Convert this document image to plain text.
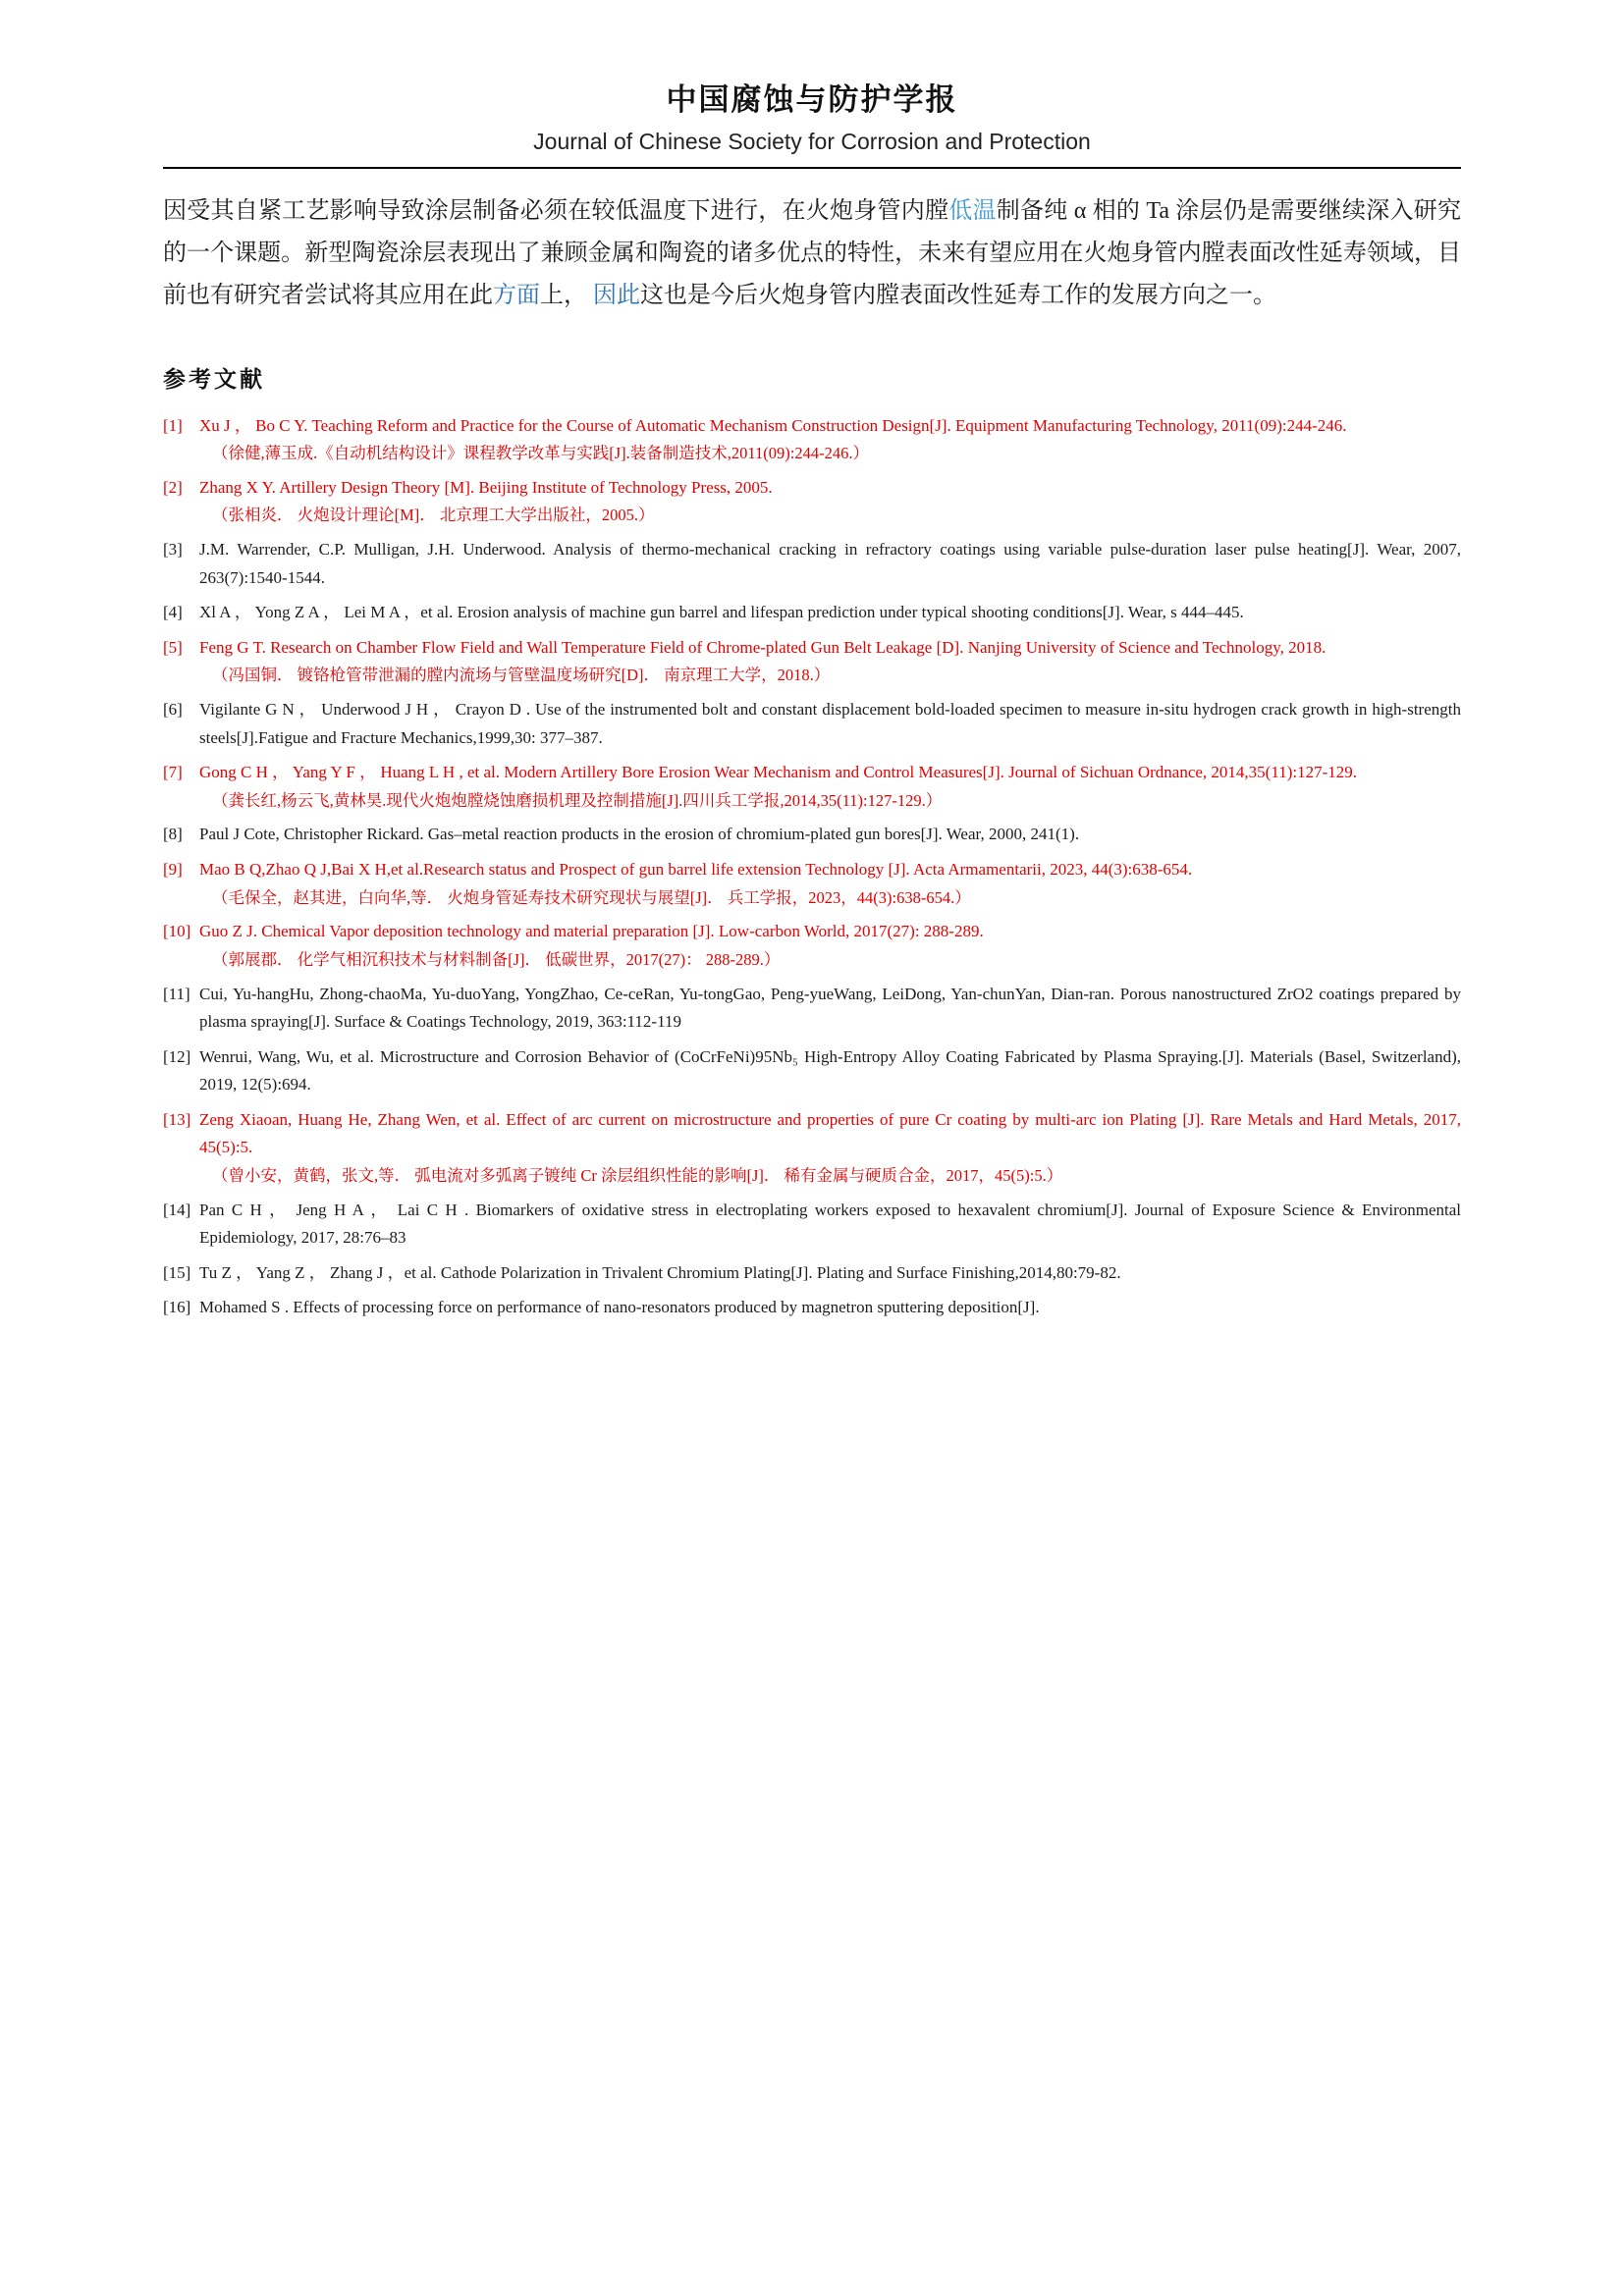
中国腐蚀与防护学报
Journal of Chinese Society for Corrosion and Protection

因受其自紧工艺影响导致涂层制备必须在较低温度下进行，在火炮身管内膛低温制备纯 α 相的 Ta 涂层仍是需要继续深入研究的一个课题。新型陶瓷涂层表现出了兼顾金属和陶瓷的诸多优点的特性，未来有望应用在火炮身管内膛表面改性延寿领域，目前也有研究者尝试将其应用在此方面上， 因此这也是今后火炮身管内膛表面改性延寿工作的发展方向之一。

参考文献
[1] Xu J ， Bo C Y. Teaching Reform and Practice for the Course of Automatic Mechanism Construction Design[J]. Equipment Manufacturing Technology, 2011(09):244-246.
（徐健,薄玉成.《自动机结构设计》课程教学改革与实践[J].装备制造技术,2011(09):244-246.）
[2] Zhang X Y. Artillery Design Theory [M]. Beijing Institute of Technology Press, 2005.
（张相炎． 火炮设计理论[M]． 北京理工大学出版社，2005.）
[3] J.M. Warrender, C.P. Mulligan, J.H. Underwood. Analysis of thermo-mechanical cracking in refractory coatings using variable pulse-duration laser pulse heating[J]. Wear, 2007, 263(7):1540-1544.
[4] Xl A ， Yong Z A ， Lei M A ，et al. Erosion analysis of machine gun barrel and lifespan prediction under typical shooting conditions[J]. Wear, s 444–445.
[5] Feng G T. Research on Chamber Flow Field and Wall Temperature Field of Chrome-plated Gun Belt Leakage [D]. Nanjing University of Science and Technology, 2018.
（冯国铜． 镀铬枪管带泄漏的膛内流场与管壁温度场研究[D]． 南京理工大学，2018.）
[6] Vigilante G N ， Underwood J H ， Crayon D . Use of the instrumented bolt and constant displacement bold-loaded specimen to measure in-situ hydrogen crack growth in high-strength steels[J].Fatigue and Fracture Mechanics,1999,30: 377–387.
[7] Gong C H ， Yang Y F ， Huang L H , et al. Modern Artillery Bore Erosion Wear Mechanism and Control Measures[J]. Journal of Sichuan Ordnance, 2014,35(11):127-129.
（龚长红,杨云飞,黄林昊.现代火炮炮膛烧蚀磨损机理及控制措施[J].四川兵工学报,2014,35(11):127-129.）
[8] Paul J Cote, Christopher Rickard. Gas–metal reaction products in the erosion of chromium-plated gun bores[J]. Wear, 2000, 241(1).
[9] Mao B Q,Zhao Q J,Bai X H,et al.Research status and Prospect of gun barrel life extension Technology [J]. Acta Armamentarii, 2023, 44(3):638-654.
（毛保全，赵其进，白向华,等． 火炮身管延寿技术研究现状与展望[J]． 兵工学报，2023，44(3):638-654.）
[10] Guo Z J. Chemical Vapor deposition technology and material preparation [J]. Low-carbon World, 2017(27): 288-289.
（郭展郡． 化学气相沉积技术与材料制备[J]． 低碳世界，2017(27)： 288-289.）
[11] Cui, Yu-hangHu, Zhong-chaoMa, Yu-duoYang, YongZhao, Ce-ceRan, Yu-tongGao, Peng-yueWang, LeiDong, Yan-chunYan, Dian-ran. Porous nanostructured ZrO2 coatings prepared by plasma spraying[J]. Surface & Coatings Technology, 2019, 363:112-119
[12] Wenrui, Wang, Wu, et al. Microstructure and Corrosion Behavior of (CoCrFeNi)95Nb₅ High-Entropy Alloy Coating Fabricated by Plasma Spraying.[J]. Materials (Basel, Switzerland), 2019, 12(5):694.
[13] Zeng Xiaoan, Huang He, Zhang Wen, et al. Effect of arc current on microstructure and properties of pure Cr coating by multi-arc ion Plating [J]. Rare Metals and Hard Metals, 2017, 45(5):5.
（曾小安，黄鹤，张文,等． 弧电流对多弧离子镀纯 Cr 涂层组织性能的影响[J]． 稀有金属与硬质合金，2017，45(5):5.）
[14] Pan C H ， Jeng H A ， Lai C H . Biomarkers of oxidative stress in electroplating workers exposed to hexavalent chromium[J]. Journal of Exposure Science & Environmental Epidemiology, 2017, 28:76–83
[15] Tu Z ， Yang Z ， Zhang J ，et al. Cathode Polarization in Trivalent Chromium Plating[J]. Plating and Surface Finishing,2014,80:79-82.
[16] Mohamed S . Effects of processing force on performance of nano-resonators produced by magnetron sputtering deposition[J].
